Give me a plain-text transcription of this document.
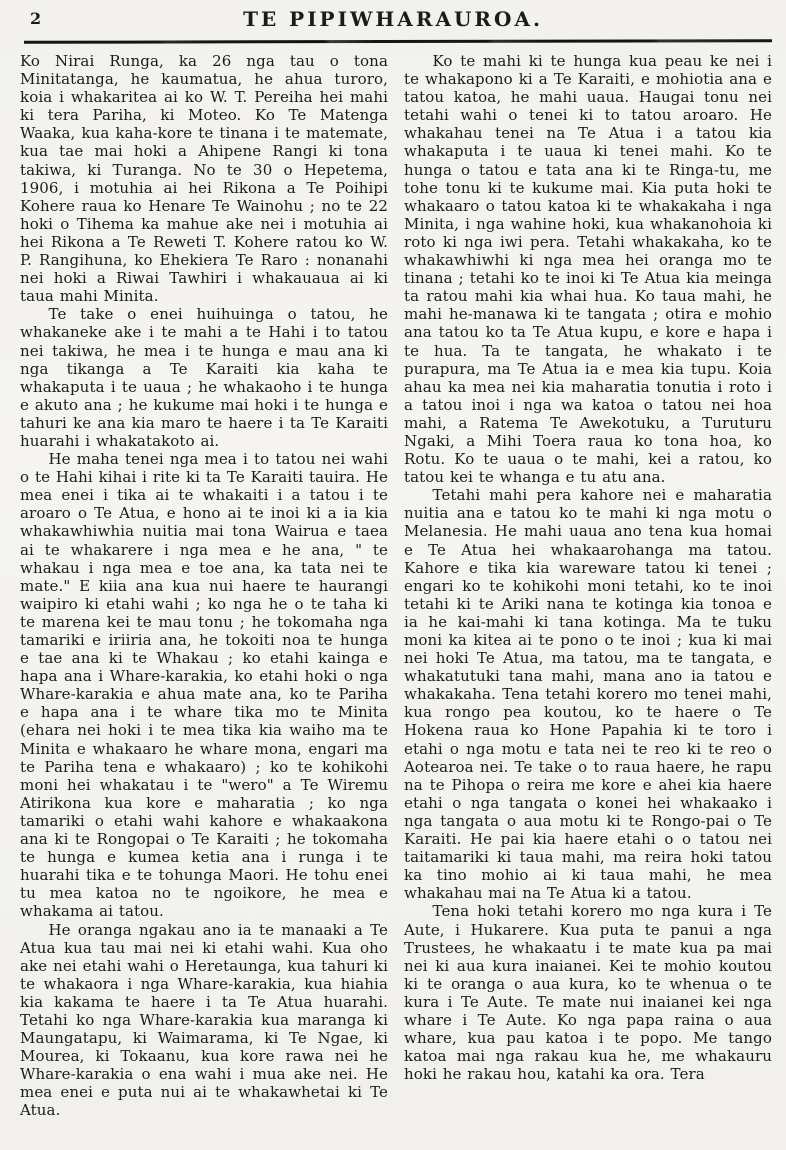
2	TE PIPIWHARAUROA.

Ko Nirai Runga, ka 26 nga tau o tona Minitatanga, he kaumatua, he ahua turoro, koia i whakaritea ai ko W. T. Pereiha hei mahi ki tera Pariha, ki Moteo. Ko Te Matenga Waaka, kua kaha-kore te tinana i te matemate, kua tae mai hoki a Ahipene Rangi ki tona takiwa, ki Turanga. No te 30 o Hepetema, 1906, i motuhia ai hei Rikona a Te Poihipi Kohere raua ko Henare Te Wainohu ; no te 22 hoki o Tihema ka mahue ake nei i motuhia ai hei Rikona a Te Reweti T. Kohere ratou ko W. P. Rangihuna, ko Ehekiera Te Raro : nonanahi nei hoki a Riwai Tawhiri i whakauaua ai ki taua mahi Minita.

Te take o enei huihuinga o tatou, he whakaneke ake i te mahi a te Hahi i to tatou nei takiwa, he mea i te hunga e mau ana ki nga tikanga a Te Karaiti kia kaha te whakaputa i te uaua ; he whakaoho i te hunga e akuto ana ; he kukume mai hoki i te hunga e tahuri ke ana kia maro te haere i ta Te Karaiti huarahi i whakatakoto ai.

He maha tenei nga mea i to tatou nei wahi o te Hahi kihai i rite ki ta Te Karaiti tauira. He mea enei i tika ai te whakaiti i a tatou i te aroaro o Te Atua, e hono ai te inoi ki a ia kia whakawhiwhia nuitia mai tona Wairua e taea ai te whakarere i nga mea e he ana, " te whakau i nga mea e toe ana, ka tata nei te mate." E kiia ana kua nui haere te haurangi waipiro ki etahi wahi ; ko nga he o te taha ki te marena kei te mau tonu ; he tokomaha nga tamariki e iriiria ana, he tokoiti noa te hunga e tae ana ki te Whakau ; ko etahi kainga e hapa ana i Whare-karakia, ko etahi hoki o nga Whare-karakia e ahua mate ana, ko te Pariha e hapa ana i te whare tika mo te Minita (ehara nei hoki i te mea tika kia waiho ma te Minita e whakaaro he whare mona, engari ma te Pariha tena e whakaaro) ; ko te kohikohi moni hei whakatau i te "wero" a Te Wiremu Atirikona kua kore e maharatia ; ko nga tamariki o etahi wahi kahore e whakaakona ana ki te Rongopai o Te Karaiti ; he tokomaha te hunga e kumea ketia ana i runga i te huarahi tika e te tohunga Maori. He tohu enei tu mea katoa no te ngoikore, he mea e whakama ai tatou.

He oranga ngakau ano ia te manaaki a Te Atua kua tau mai nei ki etahi wahi. Kua oho ake nei etahi wahi o Heretaunga, kua tahuri ki te whakaora i nga Whare-karakia, kua hiahia kia kakama te haere i ta Te Atua huarahi. Tetahi ko nga Whare-karakia kua maranga ki Maungatapu, ki Waimarama, ki Te Ngae, ki Mourea, ki Tokaanu, kua kore rawa nei he Whare-karakia o ena wahi i mua ake nei. He mea enei e puta nui ai te whakawhetai ki Te Atua.

Ko te mahi ki te hunga kua peau ke nei i te whakapono ki a Te Karaiti, e mohiotia ana e tatou katoa, he mahi uaua. Haugai tonu nei tetahi wahi o tenei ki to tatou aroaro. He whakahau tenei na Te Atua i a tatou kia whakaputa i te uaua ki tenei mahi. Ko te hunga o tatou e tata ana ki te Ringa-tu, me tohe tonu ki te kukume mai. Kia puta hoki te whakaaro o tatou katoa ki te whakakaha i nga Minita, i nga wahine hoki, kua whakanohoia ki roto ki nga iwi pera. Tetahi whakakaha, ko te whakawhiwhi ki nga mea hei oranga mo te tinana ; tetahi ko te inoi ki Te Atua kia meinga ta ratou mahi kia whai hua. Ko taua mahi, he mahi he-manawa ki te tangata ; otira e mohio ana tatou ko ta Te Atua kupu, e kore e hapa i te hua. Ta te tangata, he whakato i te purapura, ma Te Atua ia e mea kia tupu. Koia ahau ka mea nei kia maharatia tonutia i roto i a tatou inoi i nga wa katoa o tatou nei hoa mahi, a Ratema Te Awekotuku, a Turuturu Ngaki, a Mihi Toera raua ko tona hoa, ko Rotu. Ko te uaua o te mahi, kei a ratou, ko tatou kei te whanga e tu atu ana.

Tetahi mahi pera kahore nei e maharatia nuitia ana e tatou ko te mahi ki nga motu o Melanesia. He mahi uaua ano tena kua homai e Te Atua hei whakaarohanga ma tatou. Kahore e tika kia wareware tatou ki tenei ; engari ko te kohikohi moni tetahi, ko te inoi tetahi ki te Ariki nana te kotinga kia tonoa e ia he kai-mahi ki tana kotinga. Ma te tuku moni ka kitea ai te pono o te inoi ; kua ki mai nei hoki Te Atua, ma tatou, ma te tangata, e whakatutuki tana mahi, mana ano ia tatou e whakakaha. Tena tetahi korero mo tenei mahi, kua rongo pea koutou, ko te haere o Te Hokena raua ko Hone Papahia ki te toro i etahi o nga motu e tata nei te reo ki te reo o Aotearoa nei. Te take o to raua haere, he rapu na te Pihopa o reira me kore e ahei kia haere etahi o nga tangata o konei hei whakaako i nga tangata o aua motu ki te Rongo-pai o Te Karaiti. He pai kia haere etahi o o tatou nei taitamariki ki taua mahi, ma reira hoki tatou ka tino mohio ai ki taua mahi, he mea whakahau mai na Te Atua ki a tatou.

Tena hoki tetahi korero mo nga kura i Te Aute, i Hukarere. Kua puta te panui a nga Trustees, he whakaatu i te mate kua pa mai nei ki aua kura inaianei. Kei te mohio koutou ki te oranga o aua kura, ko te whenua o te kura i Te Aute. Te mate nui inaianei kei nga whare i Te Aute. Ko nga papa raina o aua whare, kua pau katoa i te popo. Me tango katoa mai nga rakau kua he, me whakauru hoki he rakau hou, katahi ka ora. Tera
